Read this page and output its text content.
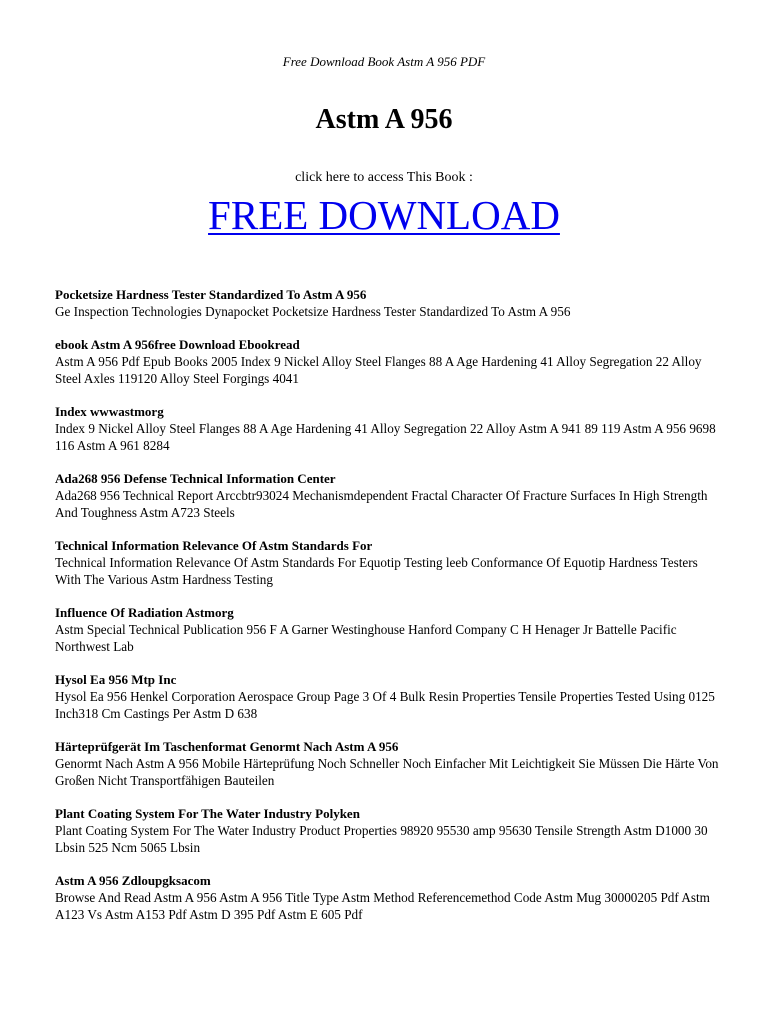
Free Download Book Astm A 956 PDF
Astm A 956
click here to access This Book :
FREE DOWNLOAD

Pocketsize Hardness Tester Standardized To Astm A 956

Ge Inspection Technologies Dynapocket Pocketsize Hardness Tester Standardized To Astm A 956

ebook Astm A 956free Download Ebookread

Astm A 956 Pdf Epub Books 2005 Index 9 Nickel Alloy Steel Flanges 88 A Age Hardening 41 Alloy Segregation 22 Alloy Steel Axles 119120 Alloy Steel Forgings 4041

Index wwwastmorg

Index 9 Nickel Alloy Steel Flanges 88 A Age Hardening 41 Alloy Segregation 22 Alloy Astm A 941 89 119 Astm A 956 9698 116 Astm A 961 8284

Ada268 956 Defense Technical Information Center

Ada268 956 Technical Report Arccbtr93024 Mechanismdependent Fractal Character Of Fracture Surfaces In High Strength And Toughness Astm A723 Steels

Technical Information Relevance Of Astm Standards For

Technical Information Relevance Of Astm Standards For Equotip Testing leeb Conformance Of Equotip Hardness Testers With The Various Astm Hardness Testing

Influence Of Radiation Astmorg

Astm Special Technical Publication 956 F A Garner Westinghouse Hanford Company C H Henager Jr Battelle Pacific Northwest Lab

Hysol Ea 956 Mtp Inc

Hysol Ea 956 Henkel Corporation Aerospace Group Page 3 Of 4 Bulk Resin Properties Tensile Properties Tested Using 0125 Inch318 Cm Castings Per Astm D 638

Härteprüfgerät Im Taschenformat Genormt Nach Astm A 956

Genormt Nach Astm A 956 Mobile Härteprüfung Noch Schneller Noch Einfacher Mit Leichtigkeit Sie Müssen Die Härte Von Großen Nicht Transportfähigen Bauteilen

Plant Coating System For The Water Industry Polyken

Plant Coating System For The Water Industry Product Properties 98920 95530 amp 95630 Tensile Strength Astm D1000 30 Lbsin 525 Ncm 5065 Lbsin

Astm A 956 Zdloupgksacom

Browse And Read Astm A 956 Astm A 956 Title Type Astm Method Referencemethod Code Astm Mug 30000205 Pdf Astm A123 Vs Astm A153 Pdf Astm D 395 Pdf Astm E 605 Pdf
